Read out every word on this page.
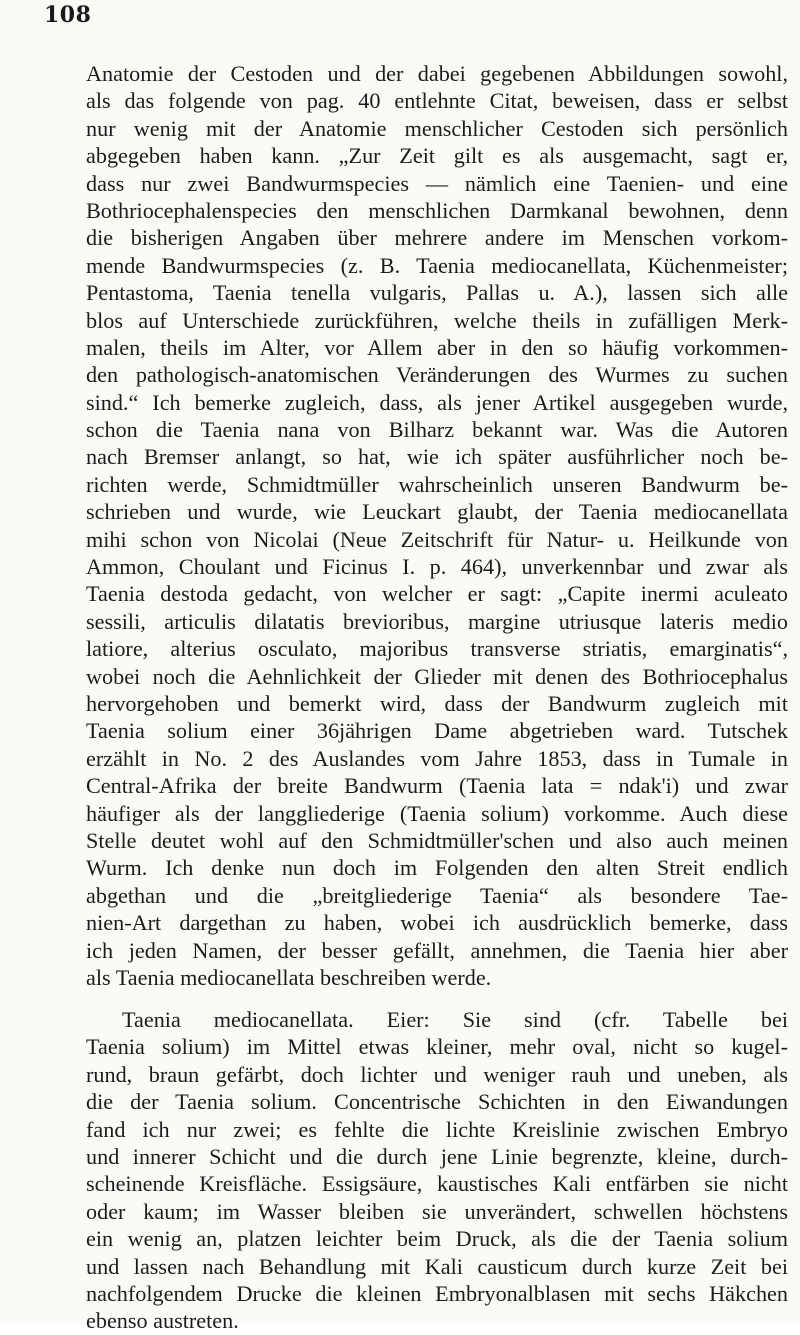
108
Anatomie der Cestoden und der dabei gegebenen Abbildungen sowohl,
als das folgende von pag. 40 entlehnte Citat, beweisen, dass er selbst
nur wenig mit der Anatomie menschlicher Cestoden sich persönlich
abgegeben haben kann. „Zur Zeit gilt es als ausgemacht, sagt er,
dass nur zwei Bandwurmspecies — nämlich eine Taenien- und eine
Bothriocephalenspecies den menschlichen Darmkanal bewohnen, denn
die bisherigen Angaben über mehrere andere im Menschen vorkom-
mende Bandwurmspecies (z. B. Taenia mediocanellata, Küchenmeister;
Pentastoma, Taenia tenella vulgaris, Pallas u. A.), lassen sich alle
blos auf Unterschiede zurückführen, welche theils in zufälligen Merk-
malen, theils im Alter, vor Allem aber in den so häufig vorkommen-
den pathologisch-anatomischen Veränderungen des Wurmes zu suchen
sind.“ Ich bemerke zugleich, dass, als jener Artikel ausgegeben wurde,
schon die Taenia nana von Bilharz bekannt war. Was die Autoren
nach Bremser anlangt, so hat, wie ich später ausführlicher noch be-
richten werde, Schmidtmüller wahrscheinlich unseren Bandwurm be-
schrieben und wurde, wie Leuckart glaubt, der Taenia mediocanellata
mihi schon von Nicolai (Neue Zeitschrift für Natur- u. Heilkunde von
Ammon, Choulant und Ficinus I. p. 464), unverkennbar und zwar als
Taenia destoda gedacht, von welcher er sagt: „Capite inermi aculeato
sessili, articulis dilatatis brevioribus, margine utriusque lateris medio
latiore, alterius osculato, majoribus transverse striatis, emarginatis“,
wobei noch die Aehnlichkeit der Glieder mit denen des Bothriocephalus
hervorgehoben und bemerkt wird, dass der Bandwurm zugleich mit
Taenia solium einer 36jährigen Dame abgetrieben ward. Tutschek
erzählt in No. 2 des Auslandes vom Jahre 1853, dass in Tumale in
Central-Afrika der breite Bandwurm (Taenia lata = ndak'i) und zwar
häufiger als der langgliederige (Taenia solium) vorkomme. Auch diese
Stelle deutet wohl auf den Schmidtmüller'schen und also auch meinen
Wurm. Ich denke nun doch im Folgenden den alten Streit endlich
abgethan und die „breitgliederige Taenia“ als besondere Tae-
nien-Art dargethan zu haben, wobei ich ausdrücklich bemerke, dass
ich jeden Namen, der besser gefällt, annehmen, die Taenia hier aber
als Taenia mediocanellata beschreiben werde.
Taenia mediocanellata. Eier: Sie sind (cfr. Tabelle bei
Taenia solium) im Mittel etwas kleiner, mehr oval, nicht so kugel-
rund, braun gefärbt, doch lichter und weniger rauh und uneben, als
die der Taenia solium. Concentrische Schichten in den Eiwandungen
fand ich nur zwei; es fehlte die lichte Kreislinie zwischen Embryo
und innerer Schicht und die durch jene Linie begrenzte, kleine, durch-
scheinende Kreisfläche. Essigsäure, kaustisches Kali entfärben sie nicht
oder kaum; im Wasser bleiben sie unverändert, schwellen höchstens
ein wenig an, platzen leichter beim Druck, als die der Taenia solium
und lassen nach Behandlung mit Kali causticum durch kurze Zeit bei
nachfolgendem Drucke die kleinen Embryonalblasen mit sechs Häkchen
ebenso austreten.
